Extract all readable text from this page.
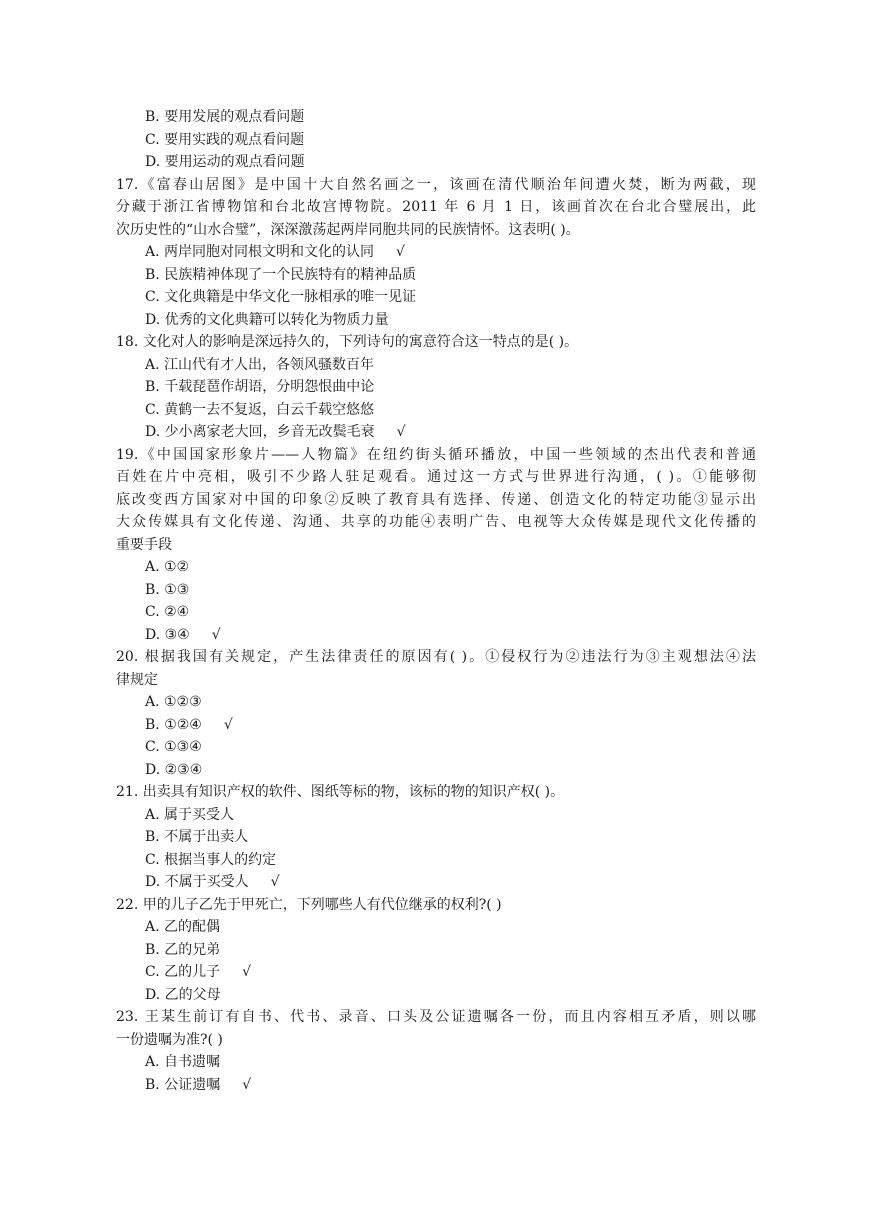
B. 要用发展的观点看问题
C. 要用实践的观点看问题
D. 要用运动的观点看问题
17.《富春山居图》是中国十大自然名画之一，该画在清代顺治年间遭火焚，断为两截，现
分藏于浙江省博物馆和台北故宫博物院。2011 年 6 月 1 日，该画首次在台北合璧展出，此
次历史性的“山水合璧”，深深激荡起两岸同胞共同的民族情怀。这表明( )。
A. 两岸同胞对同根文明和文化的认同 √
B. 民族精神体现了一个民族特有的精神品质
C. 文化典籍是中华文化一脉相承的唯一见证
D. 优秀的文化典籍可以转化为物质力量
18. 文化对人的影响是深远持久的，下列诗句的寓意符合这一特点的是( )。
A. 江山代有才人出，各领风骚数百年
B. 千载琵琶作胡语，分明怨恨曲中论
C. 黄鹤一去不复返，白云千载空悠悠
D. 少小离家老大回，乡音无改鬓毛衰 √
19.《中国国家形象片——人物篇》在纽约街头循环播放，中国一些领域的杰出代表和普通
百姓在片中亮相，吸引不少路人驻足观看。通过这一方式与世界进行沟通，( )。①能够彻
底改变西方国家对中国的印象②反映了教育具有选择、传递、创造文化的特定功能③显示出
大众传媒具有文化传递、沟通、共享的功能④表明广告、电视等大众传媒是现代文化传播的
重要手段
A. ①②
B. ①③
C. ②④
D. ③④ √
20. 根据我国有关规定，产生法律责任的原因有( )。①侵权行为②违法行为③主观想法④法
律规定
A. ①②③
B. ①②④ √
C. ①③④
D. ②③④
21. 出卖具有知识产权的软件、图纸等标的物，该标的物的知识产权( )。
A. 属于买受人
B. 不属于出卖人
C. 根据当事人的约定
D. 不属于买受人 √
22. 甲的儿子乙先于甲死亡，下列哪些人有代位继承的权利?( )
A. 乙的配偶
B. 乙的兄弟
C. 乙的儿子 √
D. 乙的父母
23. 王某生前订有自书、代书、录音、口头及公证遗嘱各一份，而且内容相互矛盾，则以哪
一份遗嘱为准?( )
A. 自书遗嘱
B. 公证遗嘱 √
